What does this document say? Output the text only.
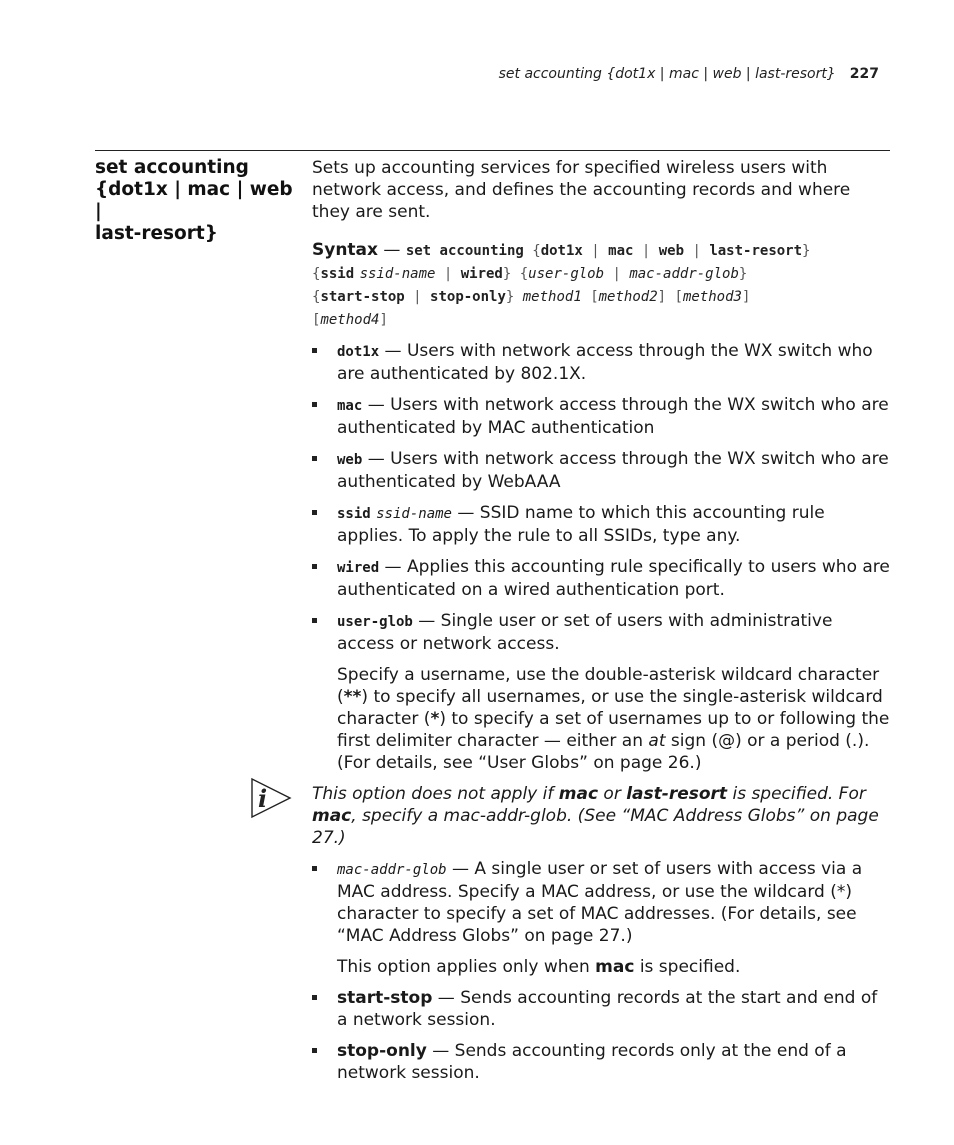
set accounting {dot1x | mac | web | last-resort} 227
set accounting
{dot1x | mac | web |
last-resort}

Sets up accounting services for specified wireless users with network access, and defines the accounting records and where they are sent.

Syntax — set accounting {dot1x | mac | web | last-resort}
{ssid ssid-name | wired} {user-glob | mac-addr-glob}
{start-stop | stop-only} method1 [method2] [method3]
[method4]

dot1x — Users with network access through the WX switch who are authenticated by 802.1X.
mac — Users with network access through the WX switch who are authenticated by MAC authentication
web — Users with network access through the WX switch who are authenticated by WebAAA
ssid ssid-name — SSID name to which this accounting rule applies. To apply the rule to all SSIDs, type any.
wired — Applies this accounting rule specifically to users who are authenticated on a wired authentication port.
user-glob — Single user or set of users with administrative access or network access.

Specify a username, use the double-asterisk wildcard character (**) to specify all usernames, or use the single-asterisk wildcard character (*) to specify a set of usernames up to or following the first delimiter character — either an at sign (@) or a period (.). (For details, see “User Globs” on page 26.)

i	This option does not apply if mac or last-resort is specified. For mac, specify a mac-addr-glob. (See “MAC Address Globs” on page 27.)
mac-addr-glob — A single user or set of users with access via a MAC address. Specify a MAC address, or use the wildcard (*) character to specify a set of MAC addresses. (For details, see “MAC Address Globs” on page 27.)

This option applies only when mac is specified.

start-stop — Sends accounting records at the start and end of a network session.
stop-only — Sends accounting records only at the end of a network session.
